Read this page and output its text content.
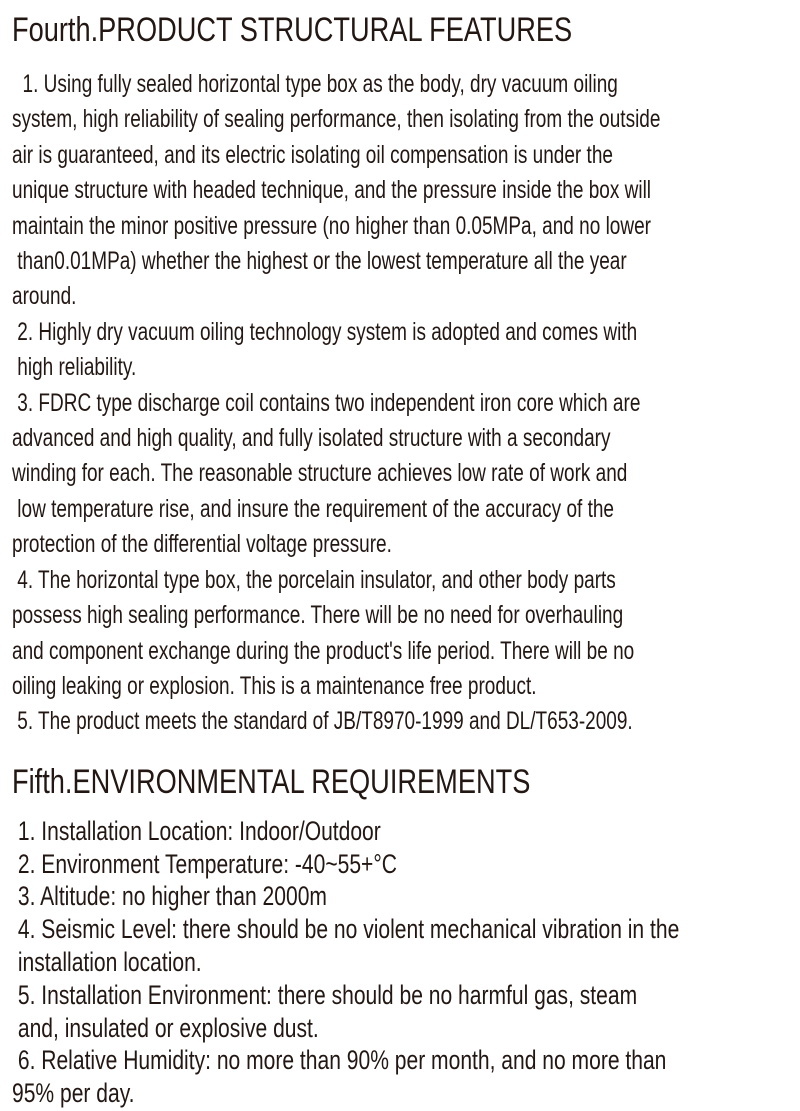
Fourth.PRODUCT STRUCTURAL FEATURES
1. Using fully sealed horizontal type box as the body, dry vacuum oiling
system, high reliability of sealing performance, then isolating from the outside
air is guaranteed, and its electric isolating oil compensation is under the
unique structure with headed technique, and the pressure inside the box will
maintain the minor positive pressure (no higher than 0.05MPa, and no lower
than0.01MPa) whether the highest or the lowest temperature all the year
around.
2. Highly dry vacuum oiling technology system is adopted and comes with
high reliability.
3. FDRC type discharge coil contains two independent iron core which are
advanced and high quality, and fully isolated structure with a secondary
winding for each. The reasonable structure achieves low rate of work and
low temperature rise, and insure the requirement of the accuracy of the
protection of the differential voltage pressure.
4. The horizontal type box, the porcelain insulator, and other body parts
possess high sealing performance. There will be no need for overhauling
and component exchange during the product's life period. There will be no
oiling leaking or explosion. This is a maintenance free product.
5. The product meets the standard of JB/T8970-1999 and DL/T653-2009.
Fifth.ENVIRONMENTAL REQUIREMENTS
1. Installation Location: Indoor/Outdoor
2. Environment Temperature: -40~55+°C
3. Altitude: no higher than 2000m
4. Seismic Level: there should be no violent mechanical vibration in the
installation location.
5. Installation Environment: there should be no harmful gas, steam
and, insulated or explosive dust.
6. Relative Humidity: no more than 90% per month, and no more than
95% per day.
